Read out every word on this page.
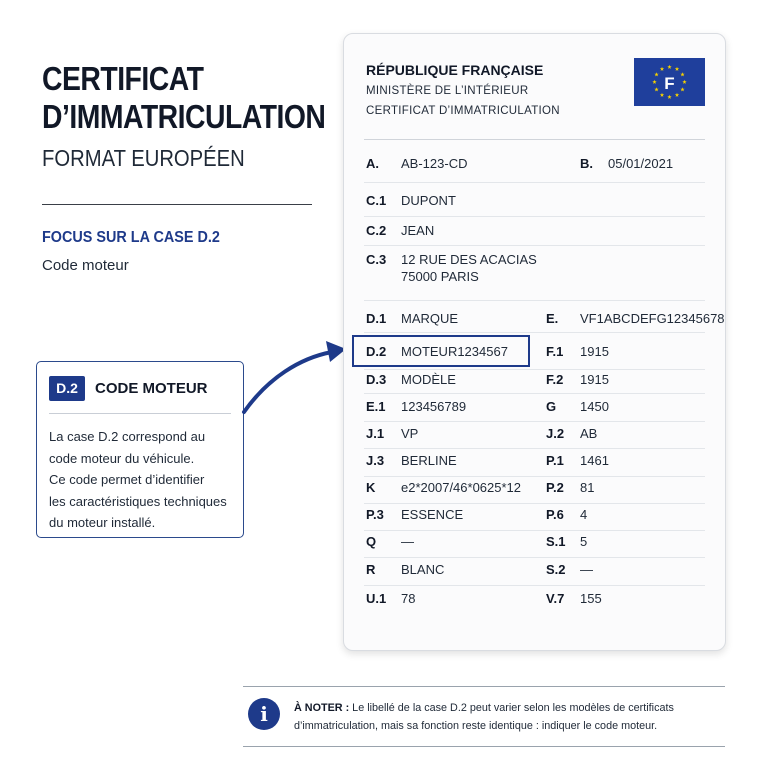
CERTIFICAT
D’IMMATRICULATION
FORMAT EUROPÉEN
FOCUS SUR LA CASE D.2
Code moteur
D.2	CODE MOTEUR
La case D.2 correspond au
code moteur du véhicule.
Ce code permet d’identifier
les caractéristiques techniques
du moteur installé.
RÉPUBLIQUE FRANÇAISE
MINISTÈRE DE L’INTÉRIEUR
CERTIFICAT D’IMMATRICULATION
F
A. AB-123-CD	B. 05/01/2021
C.1 DUPONT
C.2 JEAN
C.3 12 RUE DES ACACIAS
75000 PARIS
D.1 MARQUE	E. VF1ABCDEFG12345678
D.2 MOTEUR1234567	F.1 1915
D.3 MODÈLE	F.2 1915
E.1 123456789	G 1450
J.1 VP	J.2 AB
J.3 BERLINE	P.1 1461
K e2*2007/46*0625*12 P.2 81
P.3 ESSENCE	P.6 4
Q —	S.1 5
R BLANC	S.2 —
U.1 78	V.7 155
i	À NOTER : Le libellé de la case D.2 peut varier selon les modèles de certificats d’immatriculation, mais sa fonction reste identique : indiquer le code moteur.
